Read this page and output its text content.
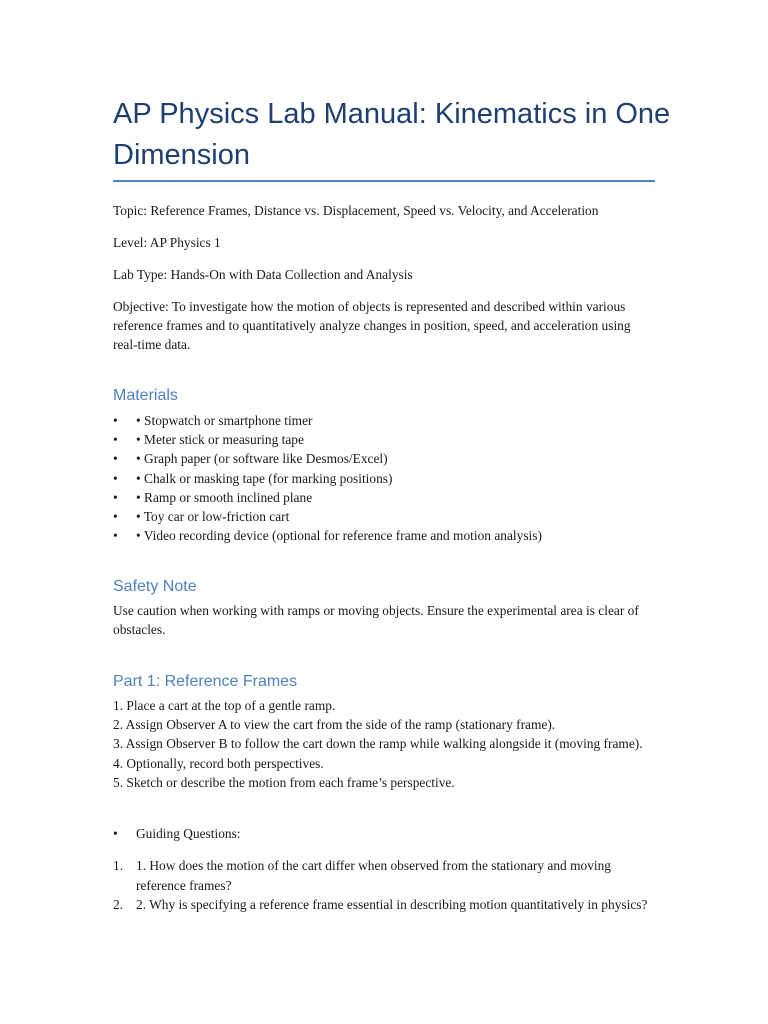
AP Physics Lab Manual: Kinematics in One Dimension

Topic: Reference Frames, Distance vs. Displacement, Speed vs. Velocity, and Acceleration

Level: AP Physics 1

Lab Type: Hands-On with Data Collection and Analysis

Objective: To investigate how the motion of objects is represented and described within various reference frames and to quantitatively analyze changes in position, speed, and acceleration using real-time data.

Materials
• • Stopwatch or smartphone timer
• • Meter stick or measuring tape
• • Graph paper (or software like Desmos/Excel)
• • Chalk or masking tape (for marking positions)
• • Ramp or smooth inclined plane
• • Toy car or low-friction cart
• • Video recording device (optional for reference frame and motion analysis)
Safety Note

Use caution when working with ramps or moving objects. Ensure the experimental area is clear of obstacles.

Part 1: Reference Frames
1. Place a cart at the top of a gentle ramp.
2. Assign Observer A to view the cart from the side of the ramp (stationary frame).
3. Assign Observer B to follow the cart down the ramp while walking alongside it (moving frame).
4. Optionally, record both perspectives.
5. Sketch or describe the motion from each frame’s perspective.
• Guiding Questions:
1. 1. How does the motion of the cart differ when observed from the stationary and moving reference frames?
2. 2. Why is specifying a reference frame essential in describing motion quantitatively in physics?
